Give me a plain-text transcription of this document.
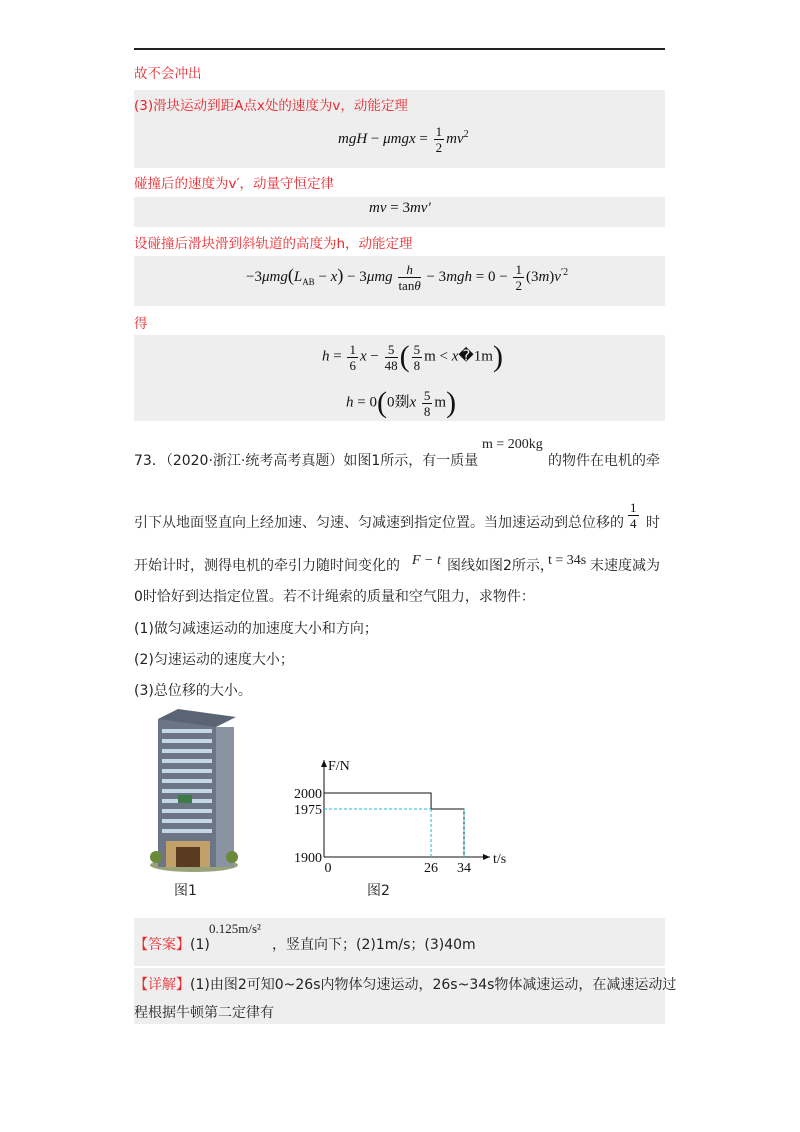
故不会冲出
(3)滑块运动到距A点x处的速度为v，动能定理
mgH − $\mu mgx = \frac{1}{2} mv^2$
碰撞后的速度为v′，动量守恒定律
mv = 3mv′
设碰撞后滑块滑到斜轨道的高度为h，动能定理
$-3\mu mg(L_{AB} - x) - 3\mu mg \frac{h}{\tan\theta} - 3mgh = 0 - \frac{1}{2} (3m)v^{'2}$
得
$h = \frac{1}{6}$ $x - \frac{5}{48}$ ( $\frac{5}{8}$ m < x�1m)
h = 0(0剟x $\frac{5}{8} m$)
73．（2020·浙江·统考高考真题）如图1所示，有一质量
m = 200kg
的物件在电机的牵
引下从地面竖直向上经加速、匀速、匀减速到指定位置。当加速运动到总位移的 $\frac{1}{4}$ 时
开始计时，测得电机的牵引力随时间变化的 F − t 图线如图2所示，
t = 34s 末速度减为
0时恰好到达指定位置。若不计绳索的质量和空气阻力，求物件：
(1)做匀减速运动的加速度大小和方向；
(2)匀速运动的速度大小；
(3)总位移的大小。
图1
2000
1975
1900
0	26 34
F/N
t/s
图2
【答案】(1)
0.125m/s²
，竖直向下；(2)1m/s；(3)40m
【详解】(1)由图2可知0~26s内物体匀速运动，26s~34s物体减速运动，在减速运动过
程根据牛顿第二定律有
